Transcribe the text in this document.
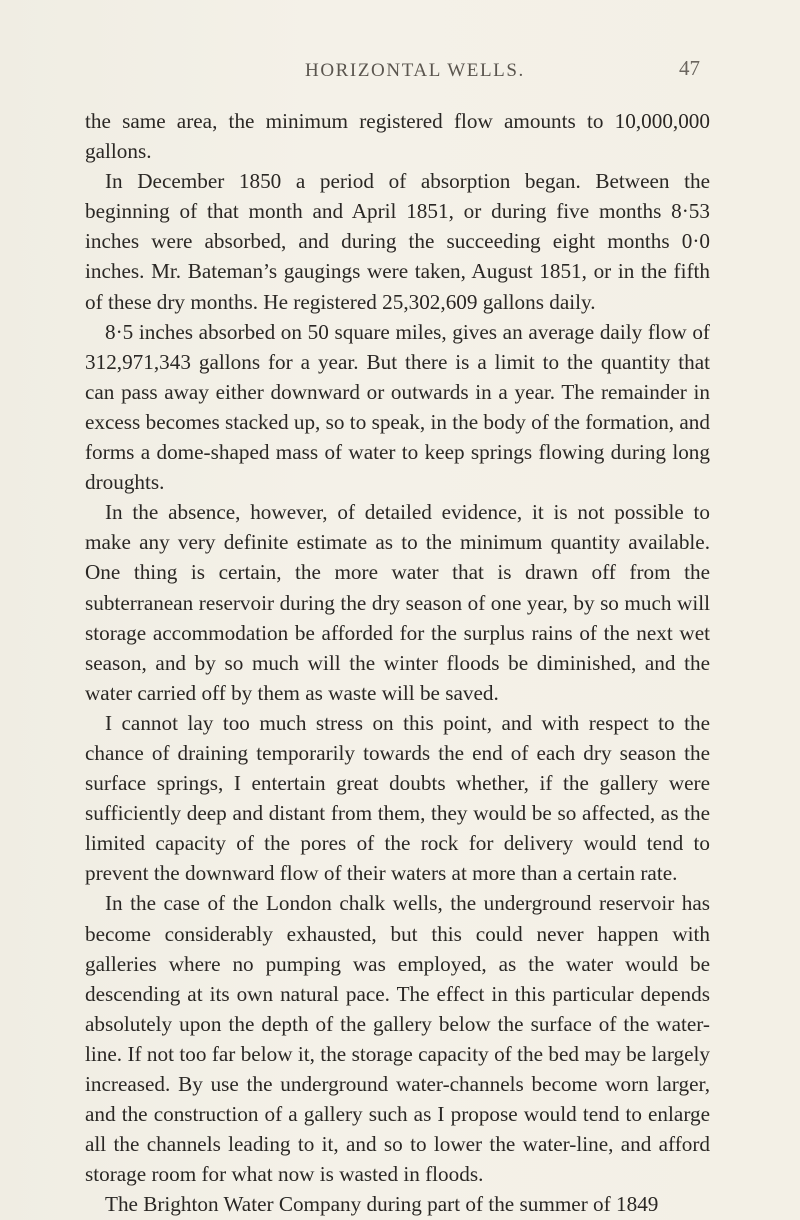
HORIZONTAL WELLS.	47

the same area, the minimum registered flow amounts to 10,000,000 gallons.

In December 1850 a period of absorption began. Between the beginning of that month and April 1851, or during five months 8·53 inches were absorbed, and during the succeeding eight months 0·0 inches. Mr. Bateman’s gaugings were taken, August 1851, or in the fifth of these dry months. He registered 25,302,609 gallons daily.

8·5 inches absorbed on 50 square miles, gives an average daily flow of 312,971,343 gallons for a year. But there is a limit to the quantity that can pass away either downward or outwards in a year. The remainder in excess becomes stacked up, so to speak, in the body of the formation, and forms a dome-shaped mass of water to keep springs flowing during long droughts.

In the absence, however, of detailed evidence, it is not possible to make any very definite estimate as to the minimum quantity available. One thing is certain, the more water that is drawn off from the subterranean reservoir during the dry season of one year, by so much will storage accommodation be afforded for the surplus rains of the next wet season, and by so much will the winter floods be diminished, and the water carried off by them as waste will be saved.

I cannot lay too much stress on this point, and with respect to the chance of draining temporarily towards the end of each dry season the surface springs, I entertain great doubts whether, if the gallery were sufficiently deep and distant from them, they would be so affected, as the limited capacity of the pores of the rock for delivery would tend to prevent the downward flow of their waters at more than a certain rate.

In the case of the London chalk wells, the underground reservoir has become considerably exhausted, but this could never happen with galleries where no pumping was employed, as the water would be descending at its own natural pace. The effect in this particular depends absolutely upon the depth of the gallery below the surface of the water-line. If not too far below it, the storage capacity of the bed may be largely increased. By use the underground water-channels become worn larger, and the construction of a gallery such as I propose would tend to enlarge all the channels leading to it, and so to lower the water-line, and afford storage room for what now is wasted in floods.

The Brighton Water Company during part of the summer of 1849
